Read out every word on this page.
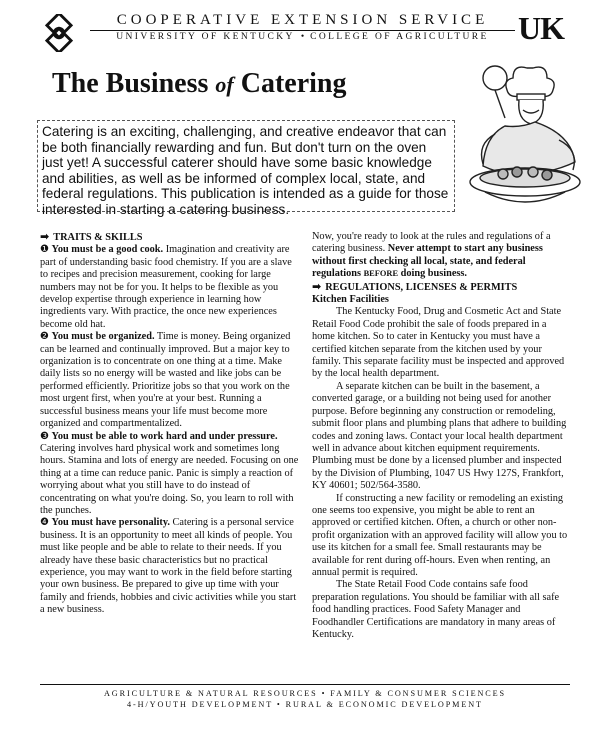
COOPERATIVE EXTENSION SERVICE
UNIVERSITY OF KENTUCKY • COLLEGE OF AGRICULTURE UK
The Business of Catering
Catering is an exciting, challenging, and creative endeavor that can be both financially rewarding and fun. But don't turn on the oven just yet! A successful caterer should have some basic knowledge and abilities, as well as be informed of complex local, state, and federal regulations. This publication is intended as a guide for those interested in starting a catering business.

➡ TRAITS & SKILLS

❶ You must be a good cook. Imagination and creativity are part of understanding basic food chemistry. If you are a slave to recipes and precision measurement, cooking for large numbers may not be for you. It helps to be flexible as you develop expertise through experience in learning how ingredients vary. With practice, the once new experiences become old hat.

❷ You must be organized. Time is money. Being organized can be learned and continually improved. But a major key to organization is to concentrate on one thing at a time. Make daily lists so no energy will be wasted and like jobs can be performed efficiently. Prioritize jobs so that you work on the most urgent first, when you're at your best. Running a successful business means your life must become more organized and compartmentalized.

❸ You must be able to work hard and under pressure. Catering involves hard physical work and sometimes long hours. Stamina and lots of energy are needed. Focusing on one thing at a time can reduce panic. Panic is simply a reaction of worrying about what you still have to do instead of concentrating on what you're doing. So, you learn to roll with the punches.

❹ You must have personality. Catering is a personal service business. It is an opportunity to meet all kinds of people. You must like people and be able to relate to their needs. If you already have these basic characteristics but no practical experience, you may want to work in the field before starting your own business. Be prepared to give up time with your family and friends, hobbies and civic activities while you start a new business.

Now, you're ready to look at the rules and regulations of a catering business. Never attempt to start any business without first checking all local, state, and federal regulations BEFORE doing business.

➡ REGULATIONS, LICENSES & PERMITS

Kitchen Facilities

The Kentucky Food, Drug and Cosmetic Act and State Retail Food Code prohibit the sale of foods prepared in a home kitchen. So to cater in Kentucky you must have a certified kitchen separate from the kitchen used by your family. This separate facility must be inspected and approved by the local health department.

A separate kitchen can be built in the basement, a converted garage, or a building not being used for another purpose. Before beginning any construction or remodeling, submit floor plans and plumbing plans that adhere to building codes and zoning laws. Contact your local health department well in advance about kitchen equipment requirements. Plumbing must be done by a licensed plumber and inspected by the Division of Plumbing, 1047 US Hwy 127S, Frankfort, KY 40601; 502/564-3580.

If constructing a new facility or remodeling an existing one seems too expensive, you might be able to rent an approved or certified kitchen. Often, a church or other non-profit organization with an approved facility will allow you to use its kitchen for a small fee. Small restaurants may be available for rent during off-hours. Even when renting, an annual permit is required.

The State Retail Food Code contains safe food preparation regulations. You should be familiar with all safe food handling practices. Food Safety Manager and Foodhandler Certifications are mandatory in many areas of Kentucky.

AGRICULTURE & NATURAL RESOURCES • FAMILY & CONSUMER SCIENCES
4-H/YOUTH DEVELOPMENT • RURAL & ECONOMIC DEVELOPMENT
